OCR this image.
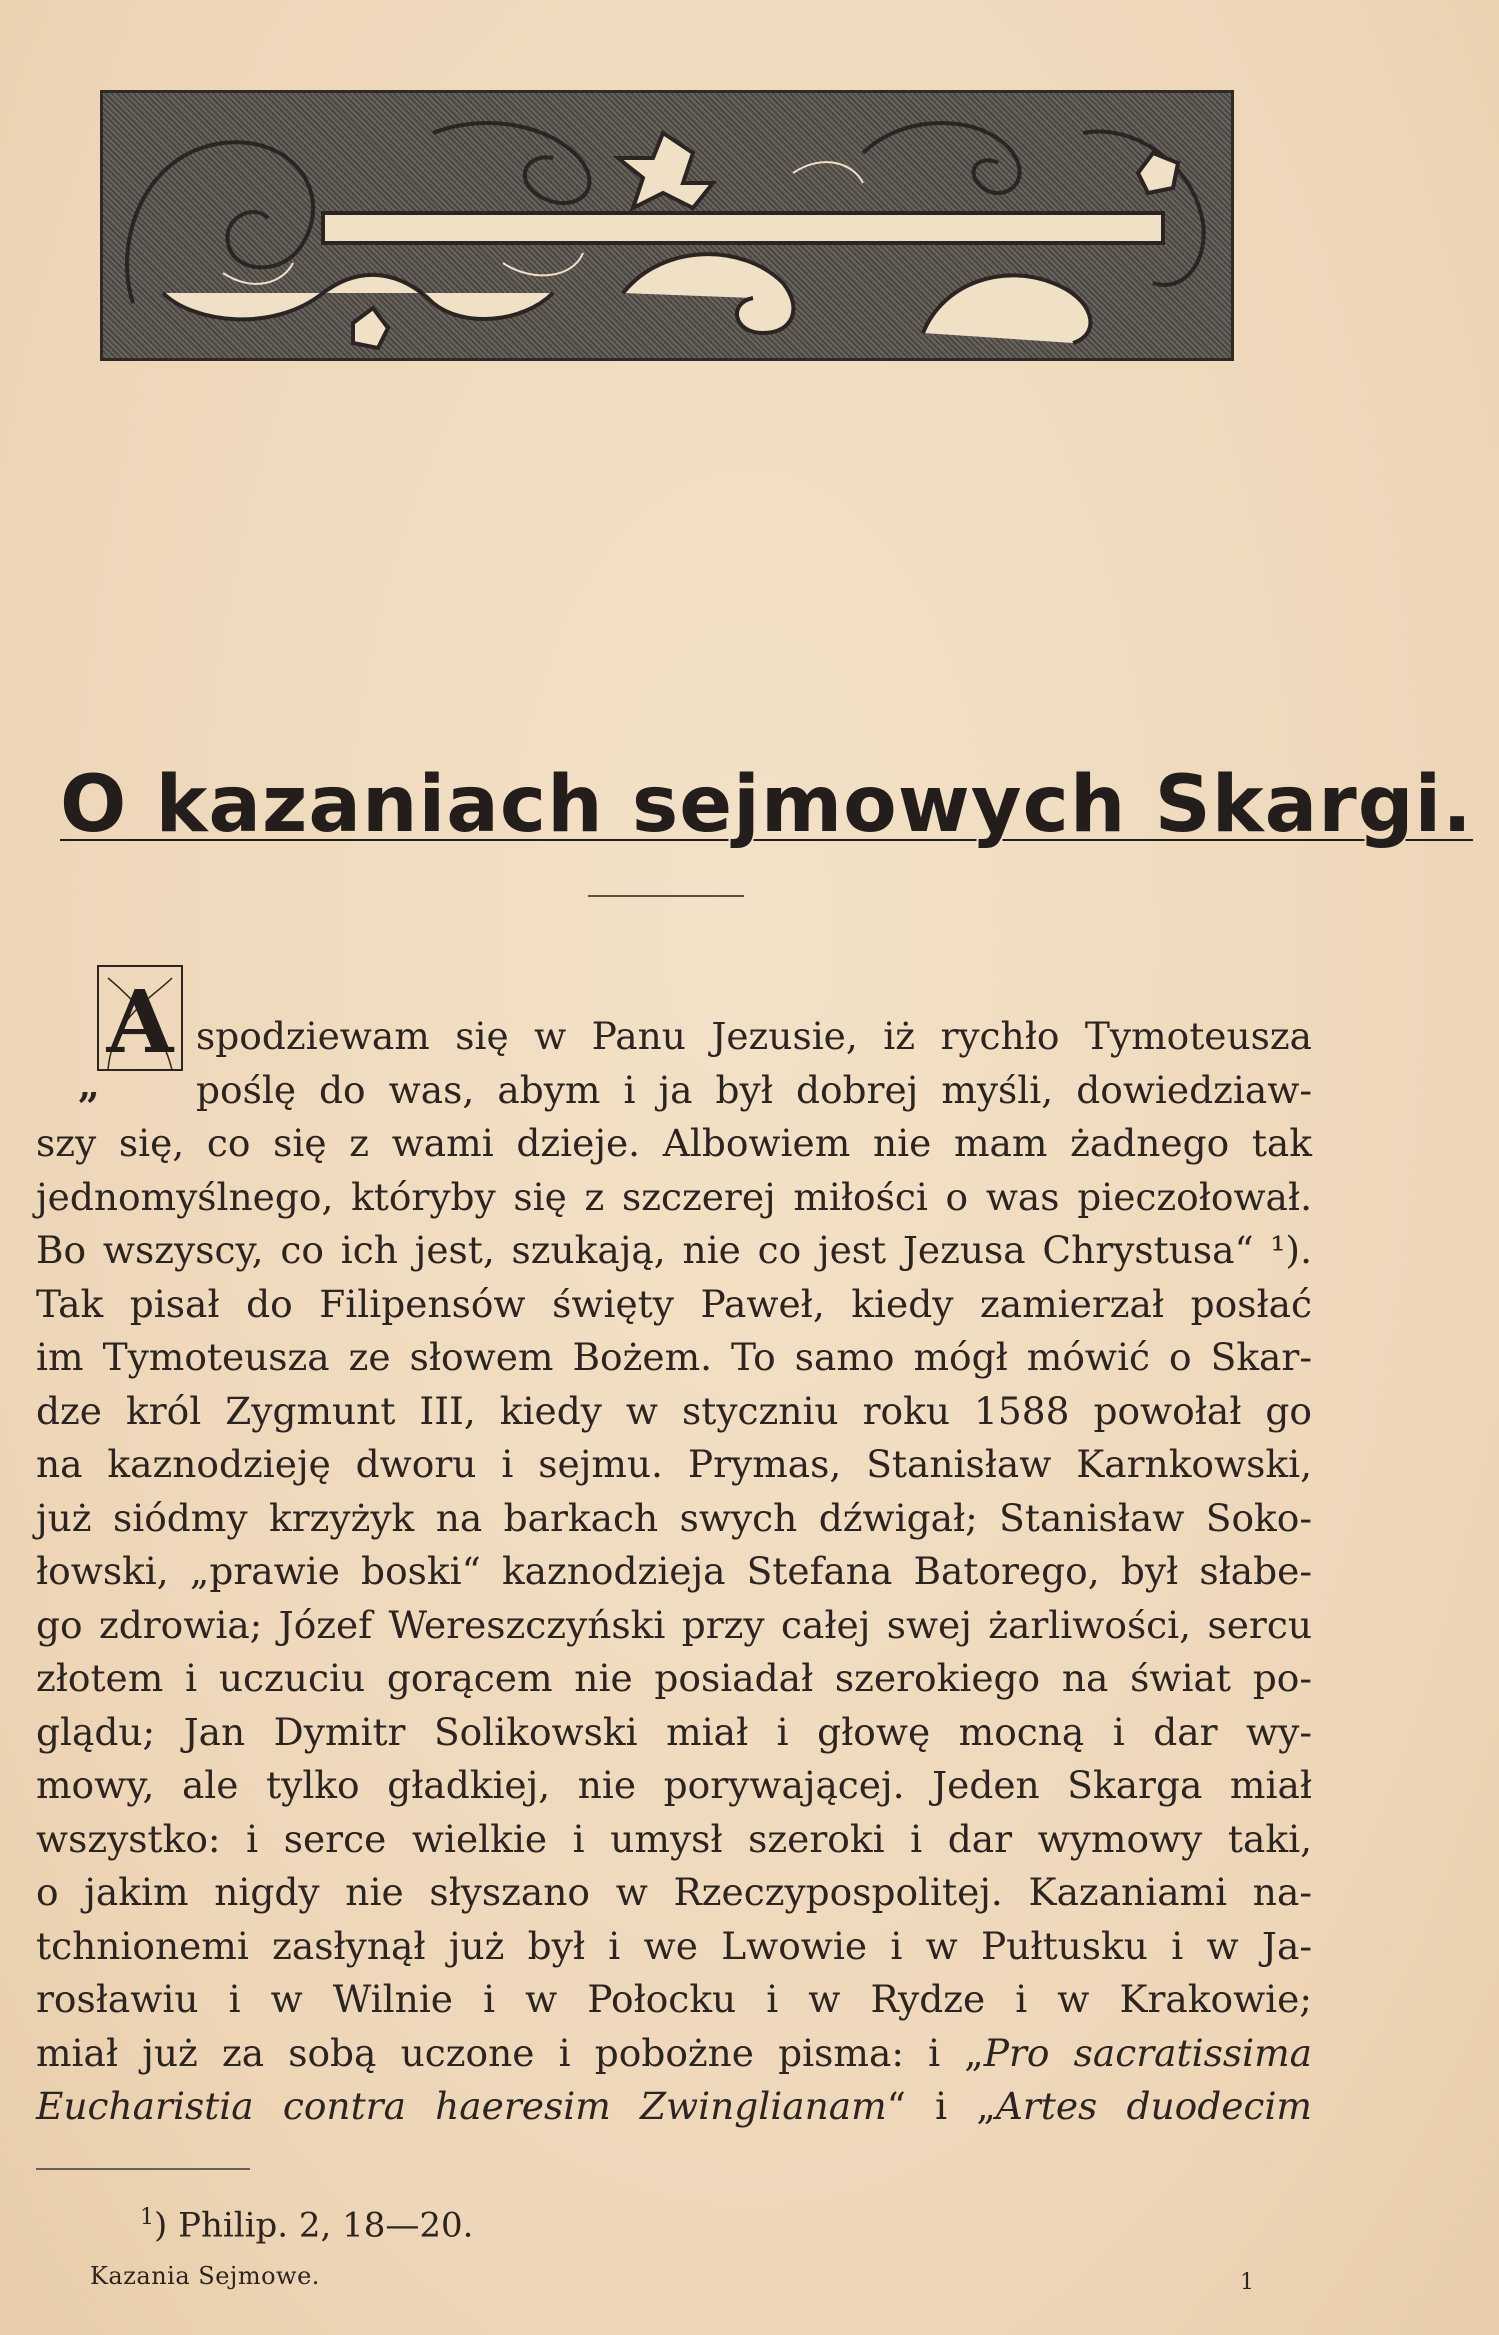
O kazaniach sejmowych Skargi.
A spodziewam się w Panu Jezusie, iż rychło Tymoteusza
poślę do was, abym i ja był dobrej myśli, dowiedziaw-
szy się, co się z wami dzieje. Albowiem nie mam żadnego tak
jednomyślnego, któryby się z szczerej miłości o was pieczołował.
Bo wszyscy, co ich jest, szukają, nie co jest Jezusa Chrystusa“ ¹).
Tak pisał do Filipensów święty Paweł, kiedy zamierzał posłać
im Tymoteusza ze słowem Bożem. To samo mógł mówić o Skar-
dze król Zygmunt III, kiedy w styczniu roku 1588 powołał go
na kaznodzieję dworu i sejmu. Prymas, Stanisław Karnkowski,
już siódmy krzyżyk na barkach swych dźwigał; Stanisław Soko-
łowski, „prawie boski“ kaznodzieja Stefana Batorego, był słabe-
go zdrowia; Józef Wereszczyński przy całej swej żarliwości, sercu
złotem i uczuciu gorącem nie posiadał szerokiego na świat po-
glądu; Jan Dymitr Solikowski miał i głowę mocną i dar wy-
mowy, ale tylko gładkiej, nie porywającej. Jeden Skarga miał
wszystko: i serce wielkie i umysł szeroki i dar wymowy taki,
o jakim nigdy nie słyszano w Rzeczypospolitej. Kazaniami na-
tchnionemi zasłynął już był i we Lwowie i w Pułtusku i w Ja-
rosławiu i w Wilnie i w Połocku i w Rydze i w Krakowie;
miał już za sobą uczone i pobożne pisma: i „Pro sacratissima
Eucharistia contra haeresim Zwinglianam“ i „Artes duodecim
„
$^1$) Philip. 2, 18—20.
Kazania Sejmowe.	1
